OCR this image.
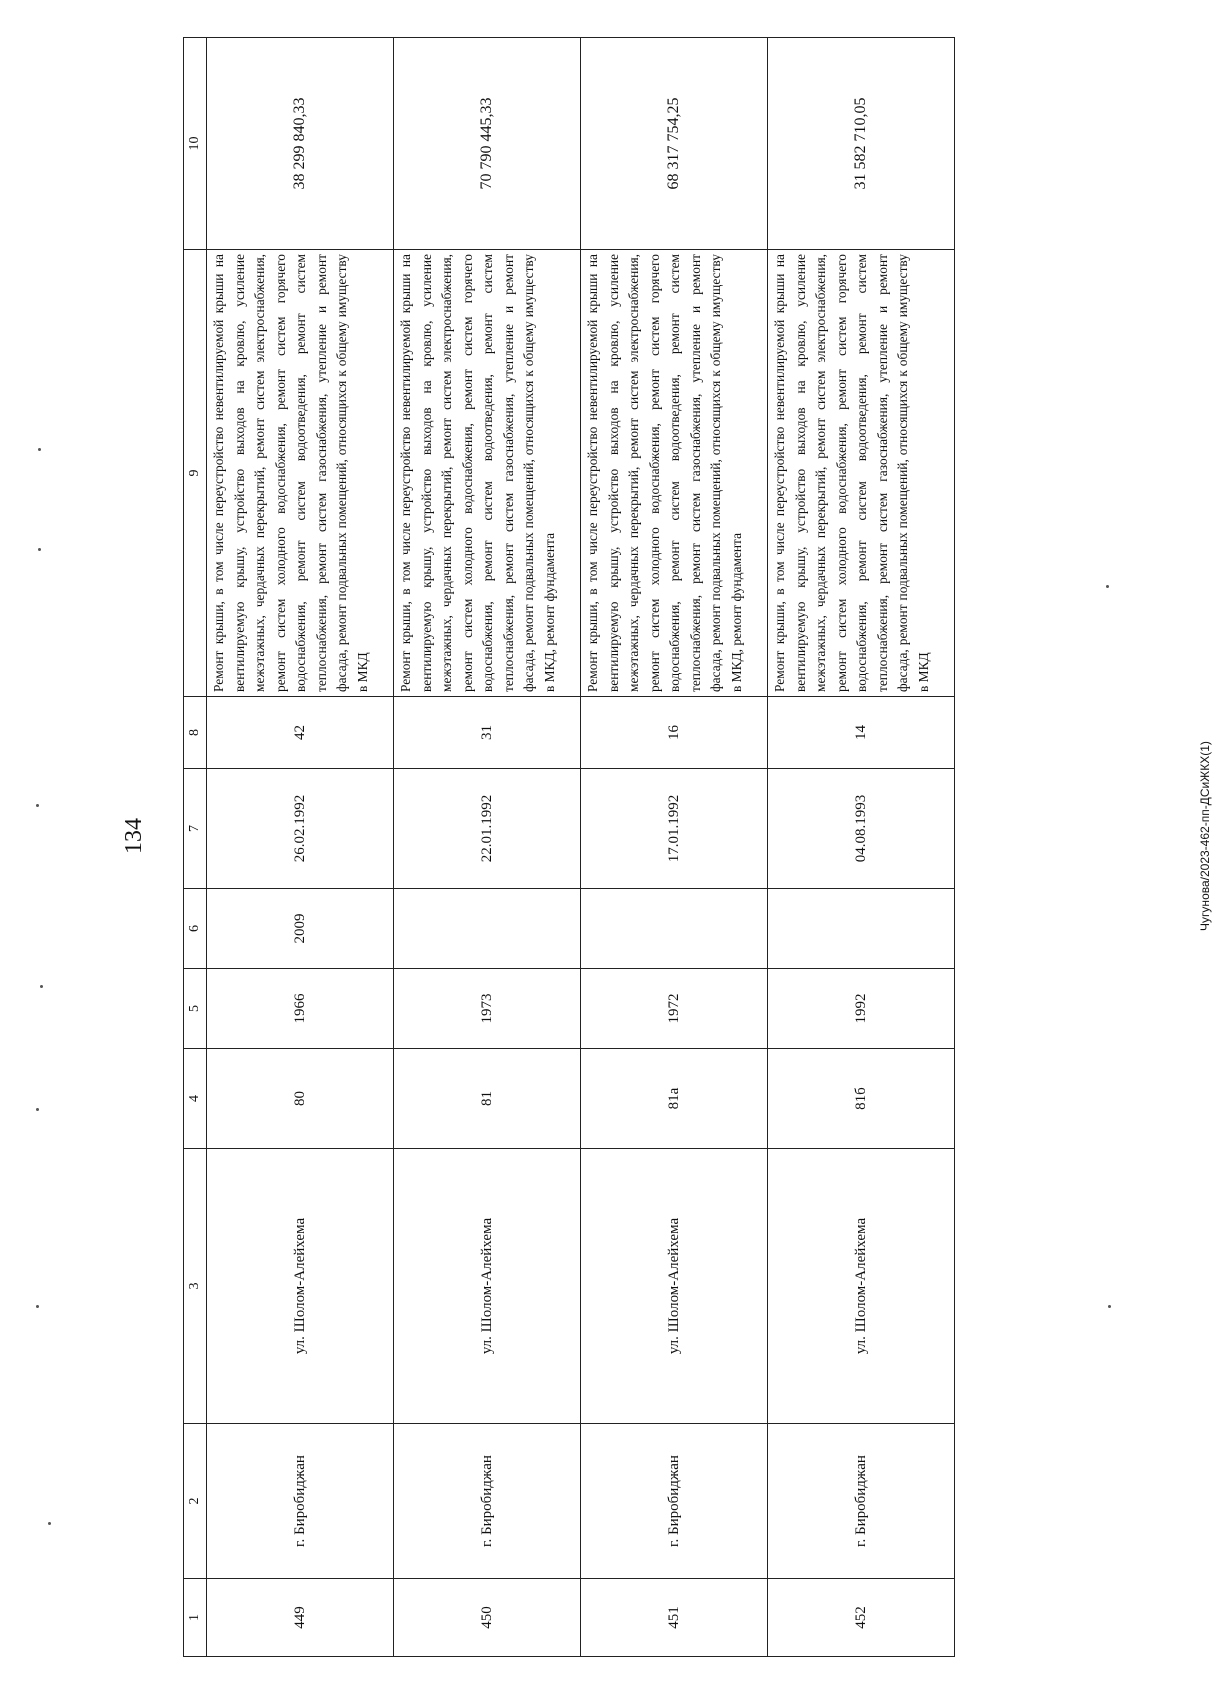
134	Чугунова/2023-462-пп-ДСиЖКХ(1)
1	2	3	4	5	6	7	8	9	10
449	г. Биробиджан	ул. Шолом-Алейхема	80	1966	2009	26.02.1992	42	Ремонт крыши, в том числе переустройство невентилируемой крыши на вентилируемую крышу, устройство выходов на кровлю, усиление межэтажных, чердачных перекрытий, ремонт систем электроснабжения, ремонт систем холодного водоснабжения, ремонт систем горячего водоснабжения, ремонт систем водоотведения, ремонт систем теплоснабжения, ремонт систем газоснабжения, утепление и ремонт фасада, ремонт подвальных помещений, относящихся к общему имуществу в МКД	38 299 840,33
450	г. Биробиджан	ул. Шолом-Алейхема	81	1973		22.01.1992	31	Ремонт крыши, в том числе переустройство невентилируемой крыши на вентилируемую крышу, устройство выходов на кровлю, усиление межэтажных, чердачных перекрытий, ремонт систем электроснабжения, ремонт систем холодного водоснабжения, ремонт систем горячего водоснабжения, ремонт систем водоотведения, ремонт систем теплоснабжения, ремонт систем газоснабжения, утепление и ремонт фасада, ремонт подвальных помещений, относящихся к общему имуществу в МКД, ремонт фундамента	70 790 445,33
451	г. Биробиджан	ул. Шолом-Алейхема	81а	1972		17.01.1992	16	Ремонт крыши, в том числе переустройство невентилируемой крыши на вентилируемую крышу, устройство выходов на кровлю, усиление межэтажных, чердачных перекрытий, ремонт систем электроснабжения, ремонт систем холодного водоснабжения, ремонт систем горячего водоснабжения, ремонт систем водоотведения, ремонт систем теплоснабжения, ремонт систем газоснабжения, утепление и ремонт фасада, ремонт подвальных помещений, относящихся к общему имуществу в МКД, ремонт фундамента	68 317 754,25
452	г. Биробиджан	ул. Шолом-Алейхема	81б	1992		04.08.1993	14	Ремонт крыши, в том числе переустройство невентилируемой крыши на вентилируемую крышу, устройство выходов на кровлю, усиление межэтажных, чердачных перекрытий, ремонт систем электроснабжения, ремонт систем холодного водоснабжения, ремонт систем горячего водоснабжения, ремонт систем водоотведения, ремонт систем теплоснабжения, ремонт систем газоснабжения, утепление и ремонт фасада, ремонт подвальных помещений, относящихся к общему имуществу в МКД	31 582 710,05
